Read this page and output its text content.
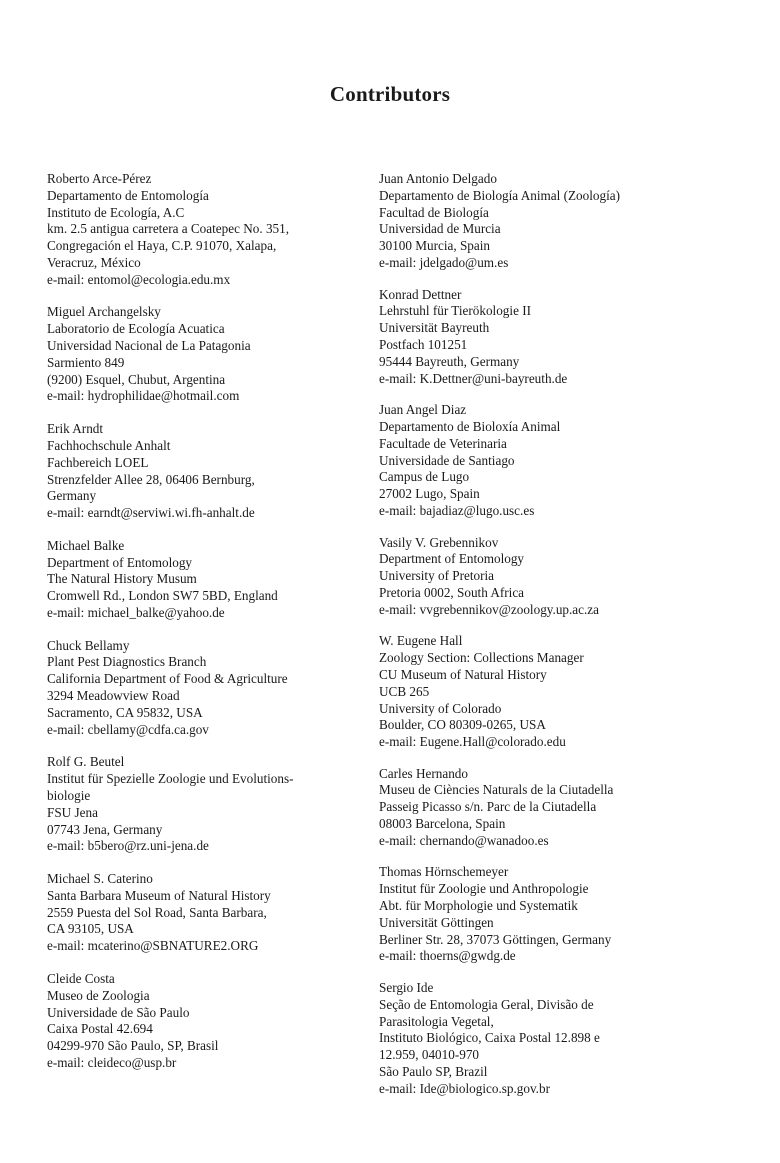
Contributors
Roberto Arce-Pérez
Departamento de Entomología
Instituto de Ecología, A.C
km. 2.5 antigua carretera a Coatepec No. 351,
Congregación el Haya, C.P. 91070, Xalapa,
Veracruz, México
e-mail: entomol@ecologia.edu.mx
Miguel Archangelsky
Laboratorio de Ecología Acuatica
Universidad Nacional de La Patagonia
Sarmiento 849
(9200) Esquel, Chubut, Argentina
e-mail: hydrophilidae@hotmail.com
Erik Arndt
Fachhochschule Anhalt
Fachbereich LOEL
Strenzfelder Allee 28, 06406 Bernburg,
Germany
e-mail: earndt@serviwi.wi.fh-anhalt.de
Michael Balke
Department of Entomology
The Natural History Musum
Cromwell Rd., London SW7 5BD, England
e-mail: michael_balke@yahoo.de
Chuck Bellamy
Plant Pest Diagnostics Branch
California Department of Food & Agriculture
3294 Meadowview Road
Sacramento, CA 95832, USA
e-mail: cbellamy@cdfa.ca.gov
Rolf G. Beutel
Institut für Spezielle Zoologie und Evolutions-
biologie
FSU Jena
07743 Jena, Germany
e-mail: b5bero@rz.uni-jena.de
Michael S. Caterino
Santa Barbara Museum of Natural History
2559 Puesta del Sol Road, Santa Barbara,
CA 93105, USA
e-mail: mcaterino@SBNATURE2.ORG
Cleide Costa
Museo de Zoologia
Universidade de São Paulo
Caixa Postal 42.694
04299-970 São Paulo, SP, Brasil
e-mail: cleideco@usp.br
Juan Antonio Delgado
Departamento de Biología Animal (Zoología)
Facultad de Biología
Universidad de Murcia
30100 Murcia, Spain
e-mail: jdelgado@um.es
Konrad Dettner
Lehrstuhl für Tierökologie II
Universität Bayreuth
Postfach 101251
95444 Bayreuth, Germany
e-mail: K.Dettner@uni-bayreuth.de
Juan Angel Diaz
Departamento de Bioloxía Animal
Facultade de Veterinaria
Universidade de Santiago
Campus de Lugo
27002 Lugo, Spain
e-mail: bajadiaz@lugo.usc.es
Vasily V. Grebennikov
Department of Entomology
University of Pretoria
Pretoria 0002, South Africa
e-mail: vvgrebennikov@zoology.up.ac.za
W. Eugene Hall
Zoology Section: Collections Manager
CU Museum of Natural History
UCB 265
University of Colorado
Boulder, CO 80309-0265, USA
e-mail: Eugene.Hall@colorado.edu
Carles Hernando
Museu de Ciències Naturals de la Ciutadella
Passeig Picasso s/n. Parc de la Ciutadella
08003 Barcelona, Spain
e-mail: chernando@wanadoo.es
Thomas Hörnschemeyer
Institut für Zoologie und Anthropologie
Abt. für Morphologie und Systematik
Universität Göttingen
Berliner Str. 28, 37073 Göttingen, Germany
e-mail: thoerns@gwdg.de
Sergio Ide
Seção de Entomologia Geral, Divisão de
Parasitologia Vegetal,
Instituto Biológico, Caixa Postal 12.898 e
12.959, 04010-970
São Paulo SP, Brazil
e-mail: Ide@biologico.sp.gov.br
